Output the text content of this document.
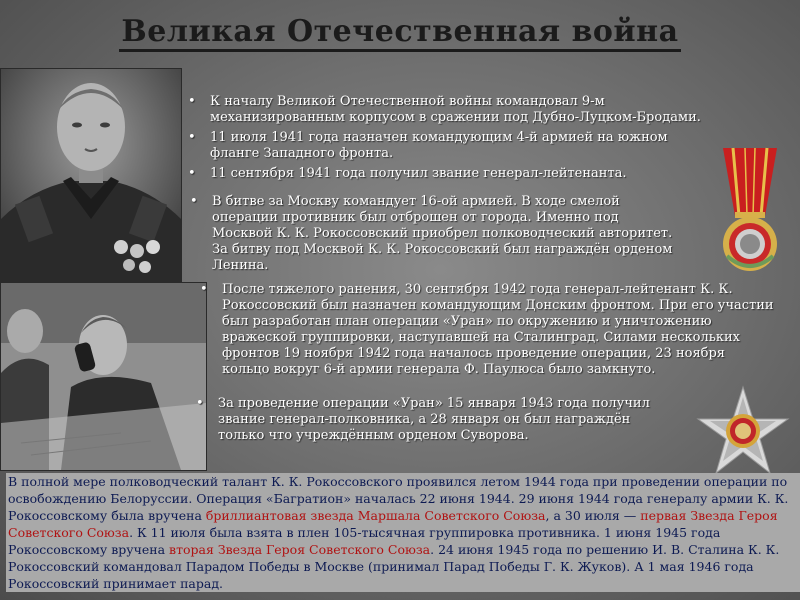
Великая Отечественная война
• К началу Великой Отечественной войны командовал 9-м механизированным корпусом в сражении под Дубно-Луцком-Бродами.
• 11 июля 1941 года назначен командующим 4-й армией на южном фланге Западного фронта.
• 11 сентября 1941 года получил звание генерал-лейтенанта.
• В битве за Москву командует 16-ой армией. В ходе смелой операции противник был отброшен от города. Именно под Москвой К. К. Рокоссовский приобрел полководческий авторитет. За битву под Москвой К. К. Рокоссовский был награждён орденом Ленина.
• После тяжелого ранения, 30 сентября 1942 года генерал-лейтенант К. К. Рокоссовский был назначен командующим Донским фронтом. При его участии был разработан план операции «Уран» по окружению и уничтожению вражеской группировки, наступавшей на Сталинград. Силами нескольких фронтов 19 ноября 1942 года началось проведение операции, 23 ноября кольцо вокруг 6-й армии генерала Ф. Паулюса было замкнуто.
• За проведение операции «Уран» 15 января 1943 года получил звание генерал-полковника, а 28 января он был награждён только что учреждённым орденом Суворова.
В полной мере полководческий талант К. К. Рокоссовского проявился летом 1944 года при проведении операции по освобождению Белоруссии. Операция «Багратион» началась 22 июня 1944. 29 июня 1944 года генералу армии К. К. Рокоссовскому была вручена бриллиантовая звезда Маршала Советского Союза, а 30 июля — первая Звезда Героя Советского Союза. К 11 июля была взята в плен 105-тысячная группировка противника. 1 июня 1945 года Рокоссовскому вручена вторая Звезда Героя Советского Союза. 24 июня 1945 года по решению И. В. Сталина К. К. Рокоссовский командовал Парадом Победы в Москве (принимал Парад Победы Г. К. Жуков). А 1 мая 1946 года Рокоссовский принимает парад.
